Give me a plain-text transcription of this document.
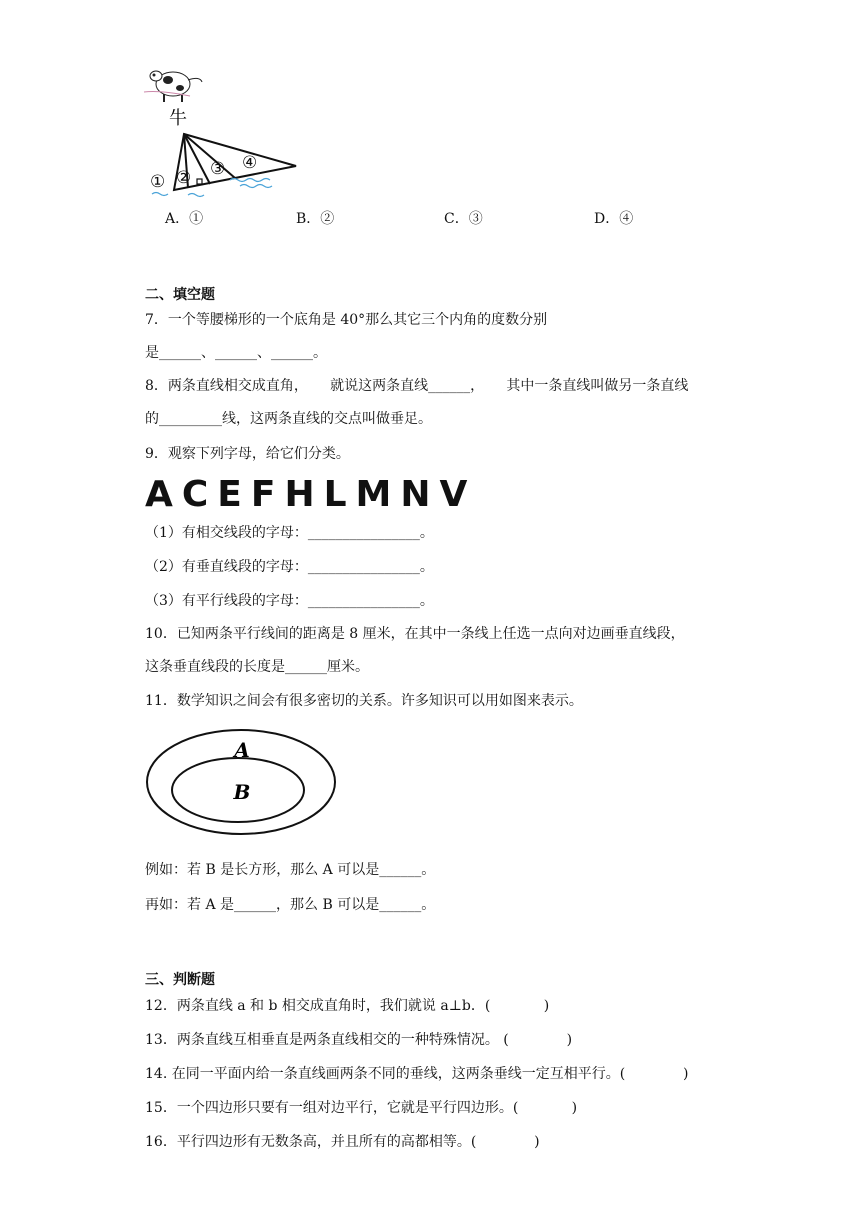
牛
① ② ③ ④
A．①	B．②	C．③	D．④
二、填空题
7．一个等腰梯形的一个底角是 40°那么其它三个内角的度数分别
是______、______、______。
8．两条直线相交成直角，     就说这两条直线______，     其中一条直线叫做另一条直线
的_________线，这两条直线的交点叫做垂足。
9．观察下列字母，给它们分类。
ACEFHLMNV
（1）有相交线段的字母：________________。
（2）有垂直线段的字母：________________。
（3）有平行线段的字母：________________。
10．已知两条平行线间的距离是 8 厘米，在其中一条线上任选一点向对边画垂直线段，
这条垂直线段的长度是______厘米。
11．数学知识之间会有很多密切的关系。许多知识可以用如图来表示。
A
B
例如：若 B 是长方形，那么 A 可以是______。
再如：若 A 是______，那么 B 可以是______。
三、判断题
12．两条直线 a 和 b 相交成直角时，我们就说 a⊥b．(            )
13．两条直线互相垂直是两条直线相交的一种特殊情况。 (             )
14. 在同一平面内给一条直线画两条不同的垂线，这两条垂线一定互相平行。(             )
15．一个四边形只要有一组对边平行，它就是平行四边形。(            )
16．平行四边形有无数条高，并且所有的高都相等。(             )
